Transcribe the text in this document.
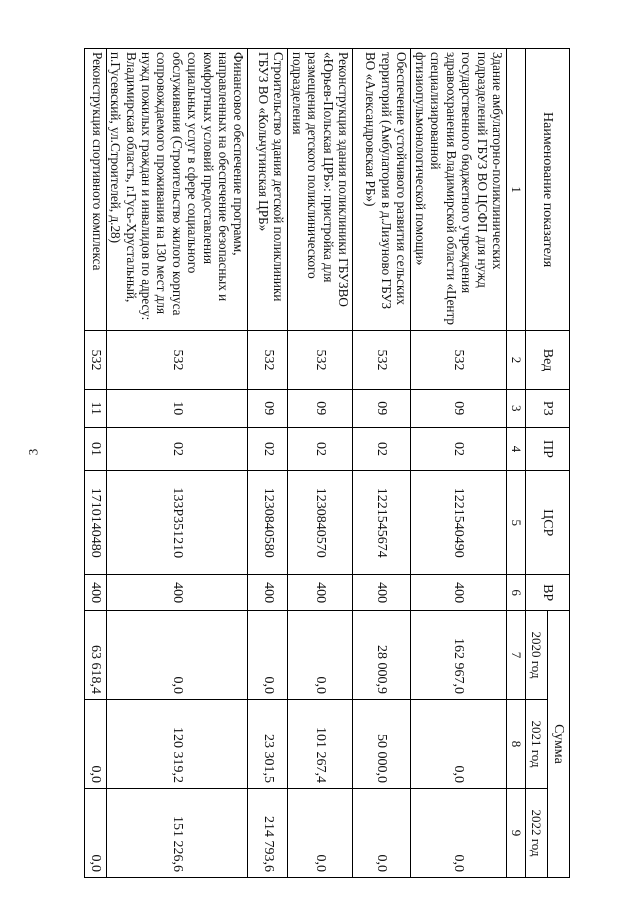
3
Наименование показателя	Вед	РЗ	ПР	ЦСР	ВР	Сумма		
						2020 год	2021 год	2022 год
1	2	3	4	5	6	7	8	9
Здание амбулаторно-поликлинических подразделений ГБУЗ ВО ЦСФП для нужд государственного бюджетного учреждения здравоохранения Владимирской области «Центр специализированной фтизиопульмонологической помощи»	532	09	02	1221540490	400	162 967,0	0,0	0,0
Обеспечение устойчивого развития сельских территорий (Амбулатория в д.Лизуново ГБУЗ ВО «Александровская РБ»)	532	09	02	1221545674	400	28 000,9	50 000,0	0,0
Реконструкция здания поликлиники ГБУЗВО «Юрьев-Польская ЦРБ»: пристройка для размещения детского поликлинического подразделения	532	09	02	1230840570	400	0,0	101 267,4	0,0
Строительство здания детской поликлиники ГБУЗ ВО «Кольчугинская ЦРБ»	532	09	02	1230840580	400	0,0	23 301,5	214 793,6
Финансовое обеспечение программ, направленных на обеспечение безопасных и комфортных условий предоставления социальных услуг в сфере социального обслуживания (Строительство жилого корпуса сопровождаемого проживания на 130 мест для нужд пожилых граждан и инвалидов по адресу: Владимирская область, г.Гусь-Хрустальный, п.Гусевский, ул.Строителей, д.28)	532	10	02	133P351210	400	0,0	120 319,2	151 226,6
Реконструкция спортивного комплекса	532	11	01	1710140480	400	63 618,4	0,0	0,0
